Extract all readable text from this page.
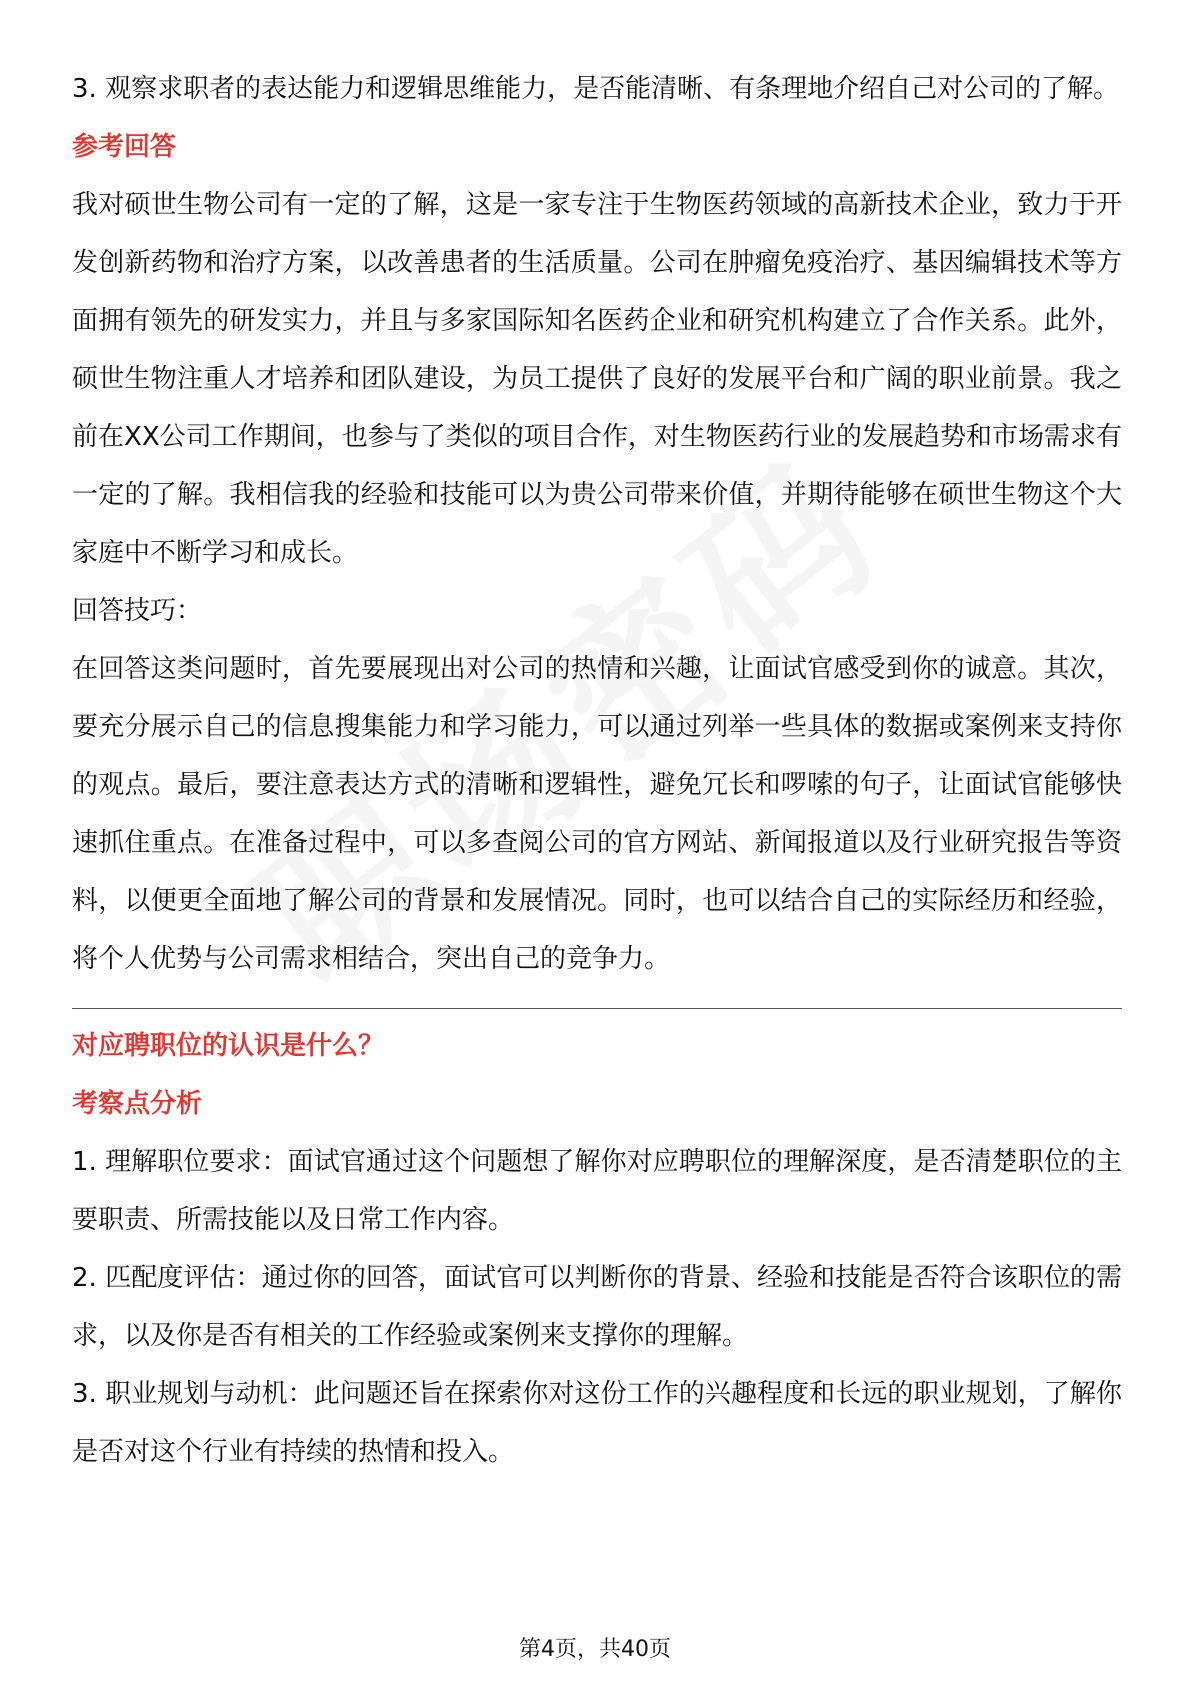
3. 观察求职者的表达能力和逻辑思维能力，是否能清晰、有条理地介绍自己对公司的了解。

参考回答

我对硕世生物公司有一定的了解，这是一家专注于生物医药领域的高新技术企业，致力于开发创新药物和治疗方案，以改善患者的生活质量。公司在肿瘤免疫治疗、基因编辑技术等方面拥有领先的研发实力，并且与多家国际知名医药企业和研究机构建立了合作关系。此外，硕世生物注重人才培养和团队建设，为员工提供了良好的发展平台和广阔的职业前景。我之前在XX公司工作期间，也参与了类似的项目合作，对生物医药行业的发展趋势和市场需求有一定的了解。我相信我的经验和技能可以为贵公司带来价值，并期待能够在硕世生物这个大家庭中不断学习和成长。

回答技巧：

在回答这类问题时，首先要展现出对公司的热情和兴趣，让面试官感受到你的诚意。其次，要充分展示自己的信息搜集能力和学习能力，可以通过列举一些具体的数据或案例来支持你的观点。最后，要注意表达方式的清晰和逻辑性，避免冗长和啰嗦的句子，让面试官能够快速抓住重点。在准备过程中，可以多查阅公司的官方网站、新闻报道以及行业研究报告等资料，以便更全面地了解公司的背景和发展情况。同时，也可以结合自己的实际经历和经验，将个人优势与公司需求相结合，突出自己的竞争力。

对应聘职位的认识是什么？
考察点分析

1. 理解职位要求：面试官通过这个问题想了解你对应聘职位的理解深度，是否清楚职位的主要职责、所需技能以及日常工作内容。

2. 匹配度评估：通过你的回答，面试官可以判断你的背景、经验和技能是否符合该职位的需求，以及你是否有相关的工作经验或案例来支撑你的理解。

3. 职业规划与动机：此问题还旨在探索你对这份工作的兴趣程度和长远的职业规划，了解你是否对这个行业有持续的热情和投入。

第4页，共40页
